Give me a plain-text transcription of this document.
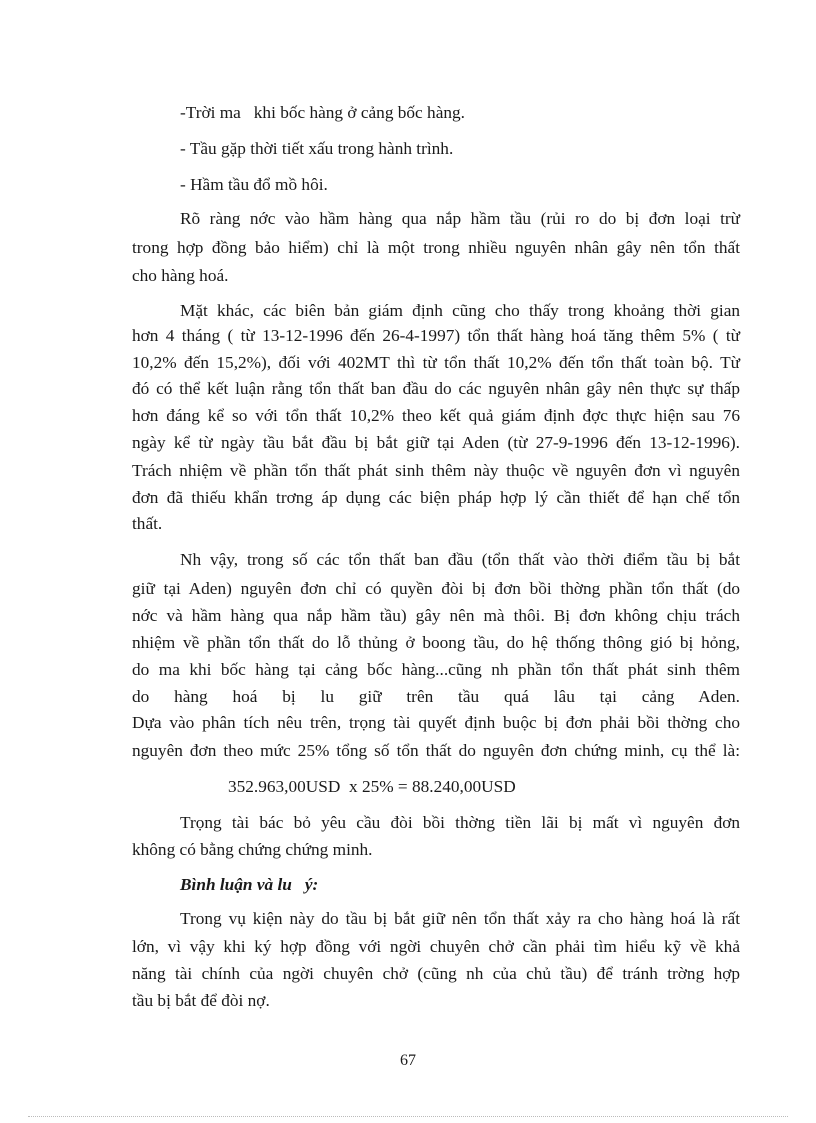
-Trời ma   khi bốc hàng ở cảng bốc hàng.
- Tầu gặp thời tiết xấu trong hành trình.
- Hầm tầu đổ mồ hôi.
Rõ ràng nớc vào hầm hàng qua nắp hầm tầu (rủi ro do bị đơn loại trừ
trong hợp đồng bảo hiểm) chỉ là một trong nhiều nguyên nhân gây nên tổn thất
cho hàng hoá.
Mặt khác, các biên bản giám định cũng cho thấy trong khoảng thời gian
hơn 4 tháng ( từ 13-12-1996 đến 26-4-1997) tổn thất hàng hoá tăng thêm 5% ( từ
10,2% đến 15,2%), đối với 402MT thì từ tổn thất 10,2% đến tổn thất toàn bộ. Từ
đó có thể kết luận rằng tổn thất ban đầu do các nguyên nhân gây nên thực sự thấp
hơn đáng kể so với tổn thất 10,2% theo kết quả giám định đợc thực hiện sau 76
ngày kể từ ngày tầu bắt đầu bị bắt giữ tại Aden (từ 27-9-1996 đến 13-12-1996).
Trách nhiệm về phần tổn thất phát sinh thêm này thuộc về nguyên đơn vì nguyên
đơn đã thiếu khẩn trơng áp dụng các biện pháp hợp lý cần thiết để hạn chế tổn
thất.
Nh vậy, trong số các tổn thất ban đầu (tổn thất vào thời điểm tầu bị bắt
giữ tại Aden) nguyên đơn chỉ có quyền đòi bị đơn bồi thờng phần tổn thất (do
nớc và hầm hàng qua nắp hầm tầu) gây nên mà thôi. Bị đơn không chịu trách
nhiệm về phần tổn thất do lỗ thủng ở boong tầu, do hệ thống thông gió bị hỏng,
do ma khi bốc hàng tại cảng bốc hàng...cũng nh phần tổn thất phát sinh thêm
do hàng hoá bị lu giữ trên tầu quá lâu tại cảng Aden.
Dựa vào phân tích nêu trên, trọng tài quyết định buộc bị đơn phải bồi thờng cho
nguyên đơn theo mức 25% tổng số tổn thất do nguyên đơn chứng minh, cụ thể là:
352.963,00USD  x 25% = 88.240,00USD
Trọng tài bác bỏ yêu cầu đòi bồi thờng tiền lãi bị mất vì nguyên đơn
không có bằng chứng chứng minh.
Bình luận và lu   ý:
Trong vụ kiện này do tầu bị bắt giữ nên tổn thất xảy ra cho hàng hoá là rất
lớn, vì vậy khi ký hợp đồng với ngời chuyên chở cần phải tìm hiểu kỹ về khả
năng tài chính của ngời chuyên chở (cũng nh của chủ tầu) để tránh trờng hợp
tầu bị bắt để đòi nợ.
67
